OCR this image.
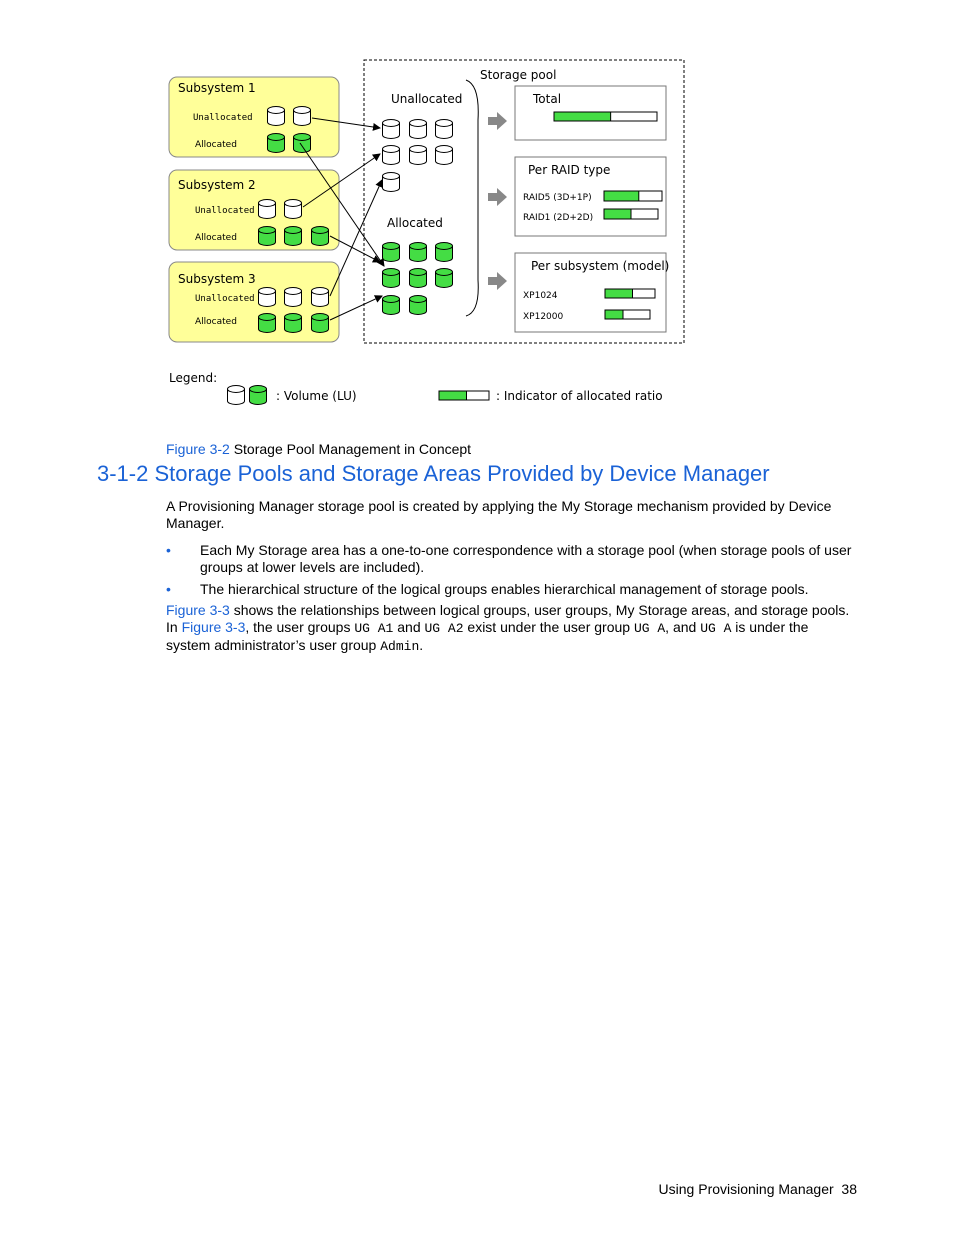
Subsystem 1
Unallocated
Allocated
Subsystem 2
Unallocated
Allocated
Subsystem 3
Unallocated
Allocated
Storage pool
Unallocated
Allocated
Total
Per RAID type
RAID5 (3D+1P)
RAID1 (2D+2D)
Per subsystem (model)
XP1024
XP12000
Legend:
: Volume (LU)	: Indicator of allocated ratio
Figure 3-2 Storage Pool Management in Concept
3-1-2 Storage Pools and Storage Areas Provided by Device Manager
A Provisioning Manager storage pool is created by applying the My Storage mechanism provided by Device Manager.
• Each My Storage area has a one-to-one correspondence with a storage pool (when storage pools of user groups at lower levels are included).
• The hierarchical structure of the logical groups enables hierarchical management of storage pools.
Figure 3-3 shows the relationships between logical groups, user groups, My Storage areas, and storage pools. In Figure 3-3, the user groups UG A1 and UG A2 exist under the user group UG A, and UG A is under the system administrator’s user group Admin.
Using Provisioning Manager 38
